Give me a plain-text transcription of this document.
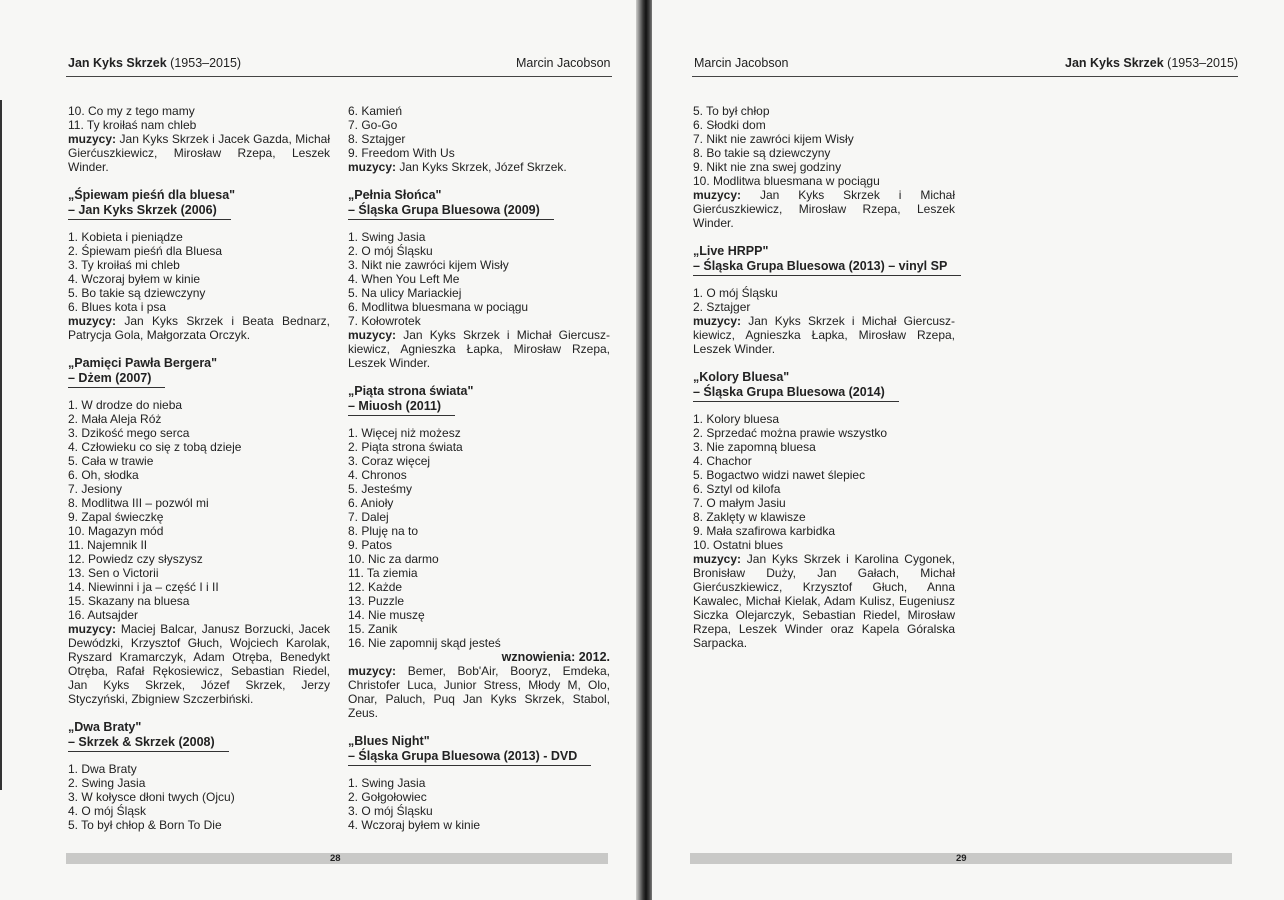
Jan Kyks Skrzek (1953–2015)	Marcin Jacobson
10. Co my z tego mamy
11. Ty kroiłaś nam chleb
muzycy: Jan Kyks Skrzek i Jacek Gazda, Michał Gierćuszkiewicz, Mirosław Rzepa, Leszek Winder.
„Śpiewam pieśń dla bluesa"
– Jan Kyks Skrzek (2006)
1. Kobieta i pieniądze
2. Śpiewam pieśń dla Bluesa
3. Ty kroiłaś mi chleb
4. Wczoraj byłem w kinie
5. Bo takie są dziewczyny
6. Blues kota i psa
muzycy: Jan Kyks Skrzek i Beata Bednarz, Patrycja Gola, Małgorzata Orczyk.
„Pamięci Pawła Bergera"
– Dżem (2007)
1. W drodze do nieba
2. Mała Aleja Róż
3. Dzikość mego serca
4. Człowieku co się z tobą dzieje
5. Cała w trawie
6. Oh, słodka
7. Jesiony
8. Modlitwa III – pozwól mi
9. Zapal świeczkę
10. Magazyn mód
11. Najemnik II
12. Powiedz czy słyszysz
13. Sen o Victorii
14. Niewinni i ja – część I i II
15. Skazany na bluesa
16. Autsajder
muzycy: Maciej Balcar, Janusz Borzucki, Jacek Dewódzki, Krzysztof Głuch, Wojciech Karolak, Ryszard Kramarczyk, Adam Otręba, Benedykt Otręba, Rafał Rękosiewicz, Sebastian Riedel, Jan Kyks Skrzek, Józef Skrzek, Jerzy Styczyński, Zbigniew Szczerbiński.
„Dwa Braty"
– Skrzek & Skrzek (2008)
1. Dwa Braty
2. Swing Jasia
3. W kołysce dłoni twych (Ojcu)
4. O mój Śląsk
5. To był chłop & Born To Die
6. Kamień
7. Go-Go
8. Sztajger
9. Freedom With Us
muzycy: Jan Kyks Skrzek, Józef Skrzek.
„Pełnia Słońca"
– Śląska Grupa Bluesowa (2009)
1. Swing Jasia
2. O mój Śląsku
3. Nikt nie zawróci kijem Wisły
4. When You Left Me
5. Na ulicy Mariackiej
6. Modlitwa bluesmana w pociągu
7. Kołowrotek
muzycy: Jan Kyks Skrzek i Michał Giercusz-kiewicz, Agnieszka Łapka, Mirosław Rzepa, Leszek Winder.
„Piąta strona świata"
– Miuosh (2011)
1. Więcej niż możesz
2. Piąta strona świata
3. Coraz więcej
4. Chronos
5. Jesteśmy
6. Anioły
7. Dalej
8. Pluję na to
9. Patos
10. Nic za darmo
11. Ta ziemia
12. Każde
13. Puzzle
14. Nie muszę
15. Zanik
16. Nie zapomnij skąd jesteś
wznowienia: 2012.
muzycy: Bemer, Bob'Air, Booryz, Emdeka, Christofer Luca, Junior Stress, Młody M, Olo, Onar, Paluch, Puq Jan Kyks Skrzek, Stabol, Zeus.
„Blues Night"
– Śląska Grupa Bluesowa (2013) - DVD
1. Swing Jasia
2. Gołgołowiec
3. O mój Śląsku
4. Wczoraj byłem w kinie
28
Marcin Jacobson	Jan Kyks Skrzek (1953–2015)
5. To był chłop
6. Słodki dom
7. Nikt nie zawróci kijem Wisły
8. Bo takie są dziewczyny
9. Nikt nie zna swej godziny
10. Modlitwa bluesmana w pociągu
muzycy: Jan Kyks Skrzek i Michał Gierćuszkiewicz, Mirosław Rzepa, Leszek Winder.
„Live HRPP"
– Śląska Grupa Bluesowa (2013) – vinyl SP
1. O mój Śląsku
2. Sztajger
muzycy: Jan Kyks Skrzek i Michał Giercusz-kiewicz, Agnieszka Łapka, Mirosław Rzepa, Leszek Winder.
„Kolory Bluesa"
– Śląska Grupa Bluesowa (2014)
1. Kolory bluesa
2. Sprzedać można prawie wszystko
3. Nie zapomną bluesa
4. Chachor
5. Bogactwo widzi nawet ślepiec
6. Sztyl od kilofa
7. O małym Jasiu
8. Zaklęty w klawisze
9. Mała szafirowa karbidka
10. Ostatni blues
muzycy: Jan Kyks Skrzek i Karolina Cygonek, Bronisław Duży, Jan Gałach, Michał Gierćuszkiewicz, Krzysztof Głuch, Anna Kawalec, Michał Kielak, Adam Kulisz, Eugeniusz Siczka Olejarczyk, Sebastian Riedel, Mirosław Rzepa, Leszek Winder oraz Kapela Góralska Sarpacka.
29
